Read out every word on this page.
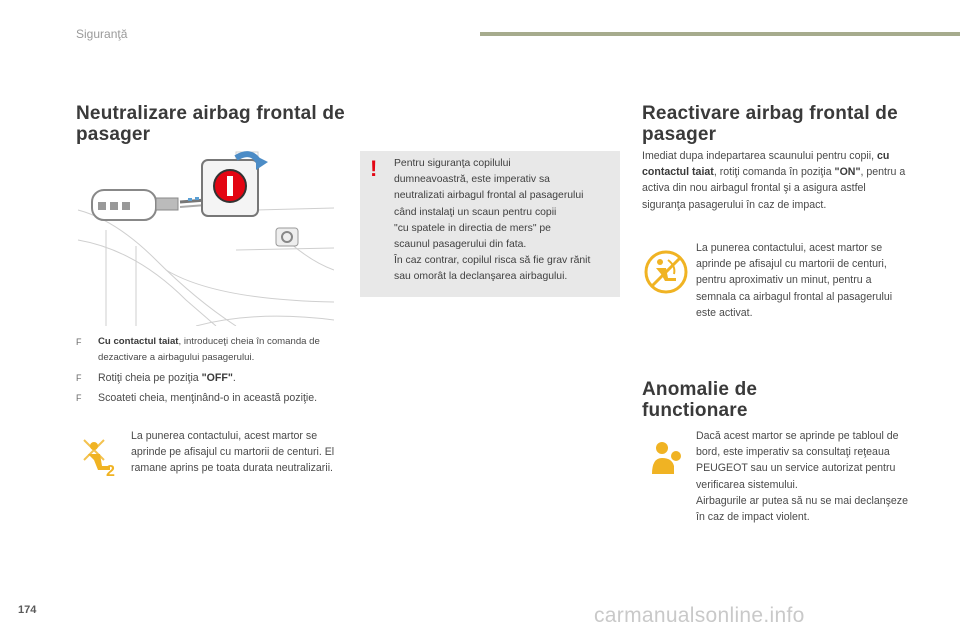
Siguranţă
Neutralizare airbag frontal de pasager
! Pentru siguranţa copilului
dumneavoastră, este imperativ sa
neutralizati airbagul frontal al pasagerului
când instalaţi un scaun pentru copii
"cu spatele in directia de mers" pe
scaunul pasagerului din fata.
În caz contrar, copilul risca să fie grav rănit
sau omorât la declanşarea airbagului.
F Cu contactul taiat, introduceţi cheia în comanda de dezactivare a airbagului pasagerului.
F Rotiţi cheia pe poziţia "OFF".
F Scoateti cheia, menţinând-o in această poziţie.
2
La punerea contactului, acest martor se aprinde pe afisajul cu martorii de centuri. El ramane aprins pe toata durata neutralizarii.
Reactivare airbag frontal de pasager
Imediat dupa indepartarea scaunului pentru copii, cu contactul taiat, rotiţi comanda în poziţia "ON", pentru a activa din nou airbagul frontal şi a asigura astfel siguranţa pasagerului în caz de impact.
La punerea contactului, acest martor se aprinde pe afisajul cu martorii de centuri, pentru aproximativ un minut, pentru a semnala ca airbagul frontal al pasagerului este activat.
Anomalie de functionare
Dacă acest martor se aprinde pe tabloul de bord, este imperativ sa consultaţi reţeaua PEUGEOT sau un service autorizat pentru verificarea sistemului.
Airbagurile ar putea să nu se mai declanşeze în caz de impact violent.
174	carmanualsonline.info
